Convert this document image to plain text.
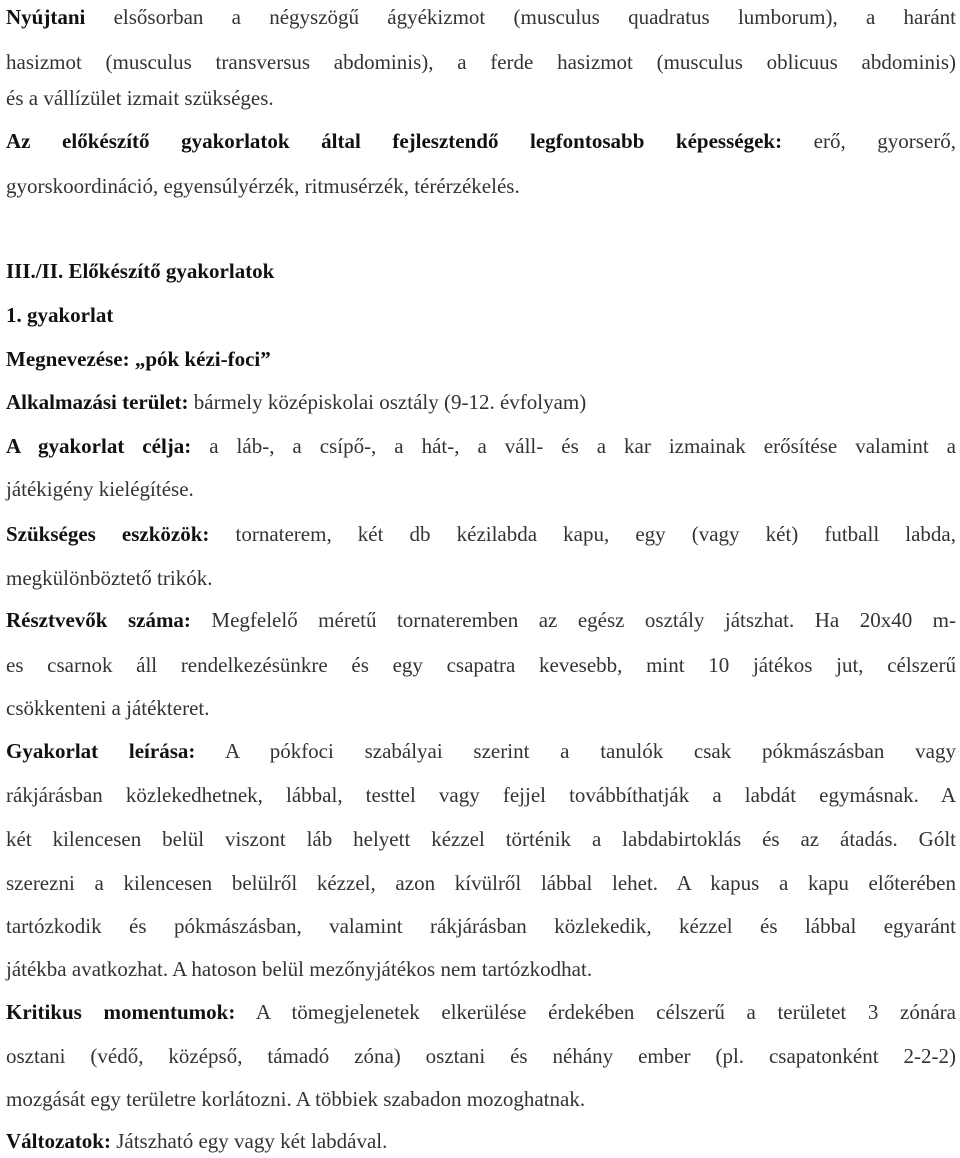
Nyújtani elsősorban a négyszögű ágyékizmot (musculus quadratus lumborum), a haránt
hasizmot (musculus transversus abdominis), a ferde hasizmot (musculus oblicuus abdominis)
és a vállízület izmait szükséges.
Az előkészítő gyakorlatok által fejlesztendő legfontosabb képességek: erő, gyorserő,
gyorskoordináció, egyensúlyérzék, ritmusérzék, térérzékelés.
III./II. Előkészítő gyakorlatok
1. gyakorlat
Megnevezése: „pók kézi-foci”
Alkalmazási terület: bármely középiskolai osztály (9-12. évfolyam)
A gyakorlat célja: a láb-, a csípő-, a hát-, a váll- és a kar izmainak erősítése valamint a
játékigény kielégítése.
Szükséges eszközök: tornaterem, két db kézilabda kapu, egy (vagy két) futball labda,
megkülönböztető trikók.
Résztvevők száma: Megfelelő méretű tornateremben az egész osztály játszhat. Ha 20x40 m-
es csarnok áll rendelkezésünkre és egy csapatra kevesebb, mint 10 játékos jut, célszerű
csökkenteni a játékteret.
Gyakorlat leírása: A pókfoci szabályai szerint a tanulók csak pókmászásban vagy
rákjárásban közlekedhetnek, lábbal, testtel vagy fejjel továbbíthatják a labdát egymásnak. A
két kilencesen belül viszont láb helyett kézzel történik a labdabirtoklás és az átadás. Gólt
szerezni a kilencesen belülről kézzel, azon kívülről lábbal lehet. A kapus a kapu előterében
tartózkodik és pókmászásban, valamint rákjárásban közlekedik, kézzel és lábbal egyaránt
játékba avatkozhat. A hatoson belül mezőnyjátékos nem tartózkodhat.
Kritikus momentumok: A tömegjelenetek elkerülése érdekében célszerű a területet 3 zónára
osztani (védő, középső, támadó zóna) osztani és néhány ember (pl. csapatonként 2-2-2)
mozgását egy területre korlátozni. A többiek szabadon mozoghatnak.
Változatok: Játszható egy vagy két labdával.
